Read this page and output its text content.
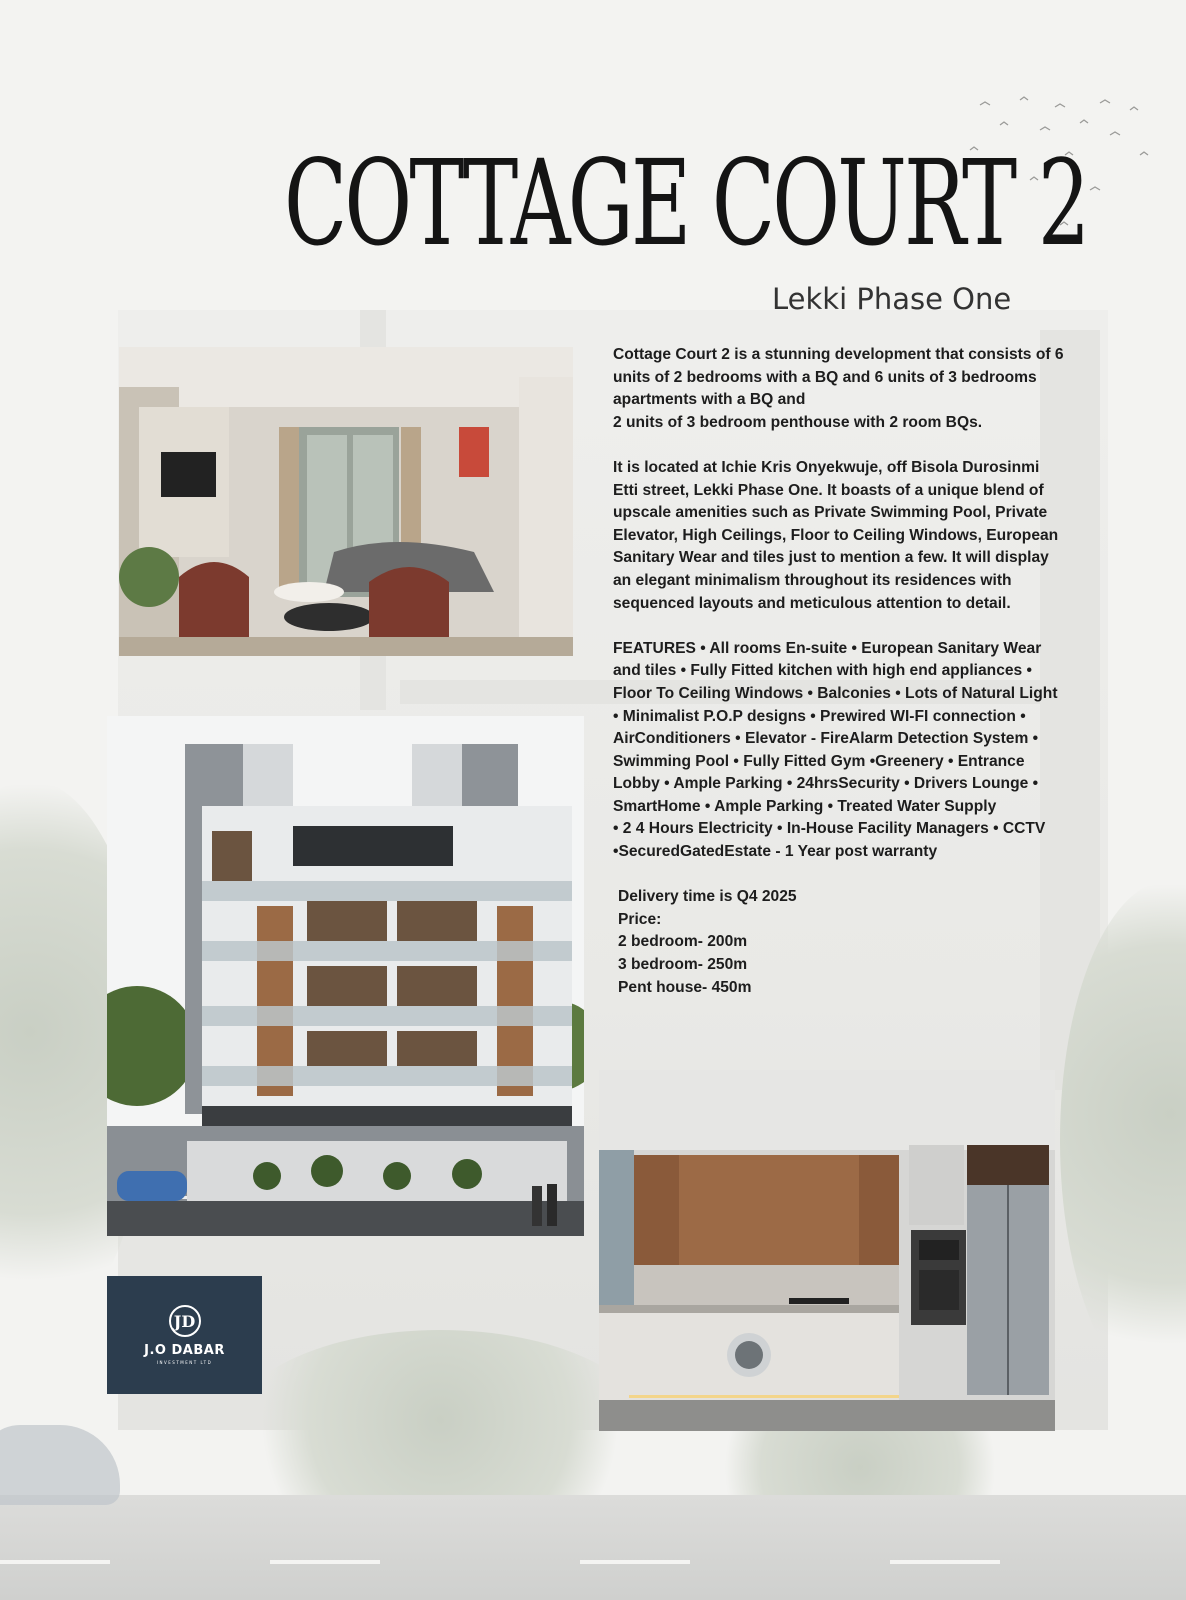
COTTAGE COURT 2
Lekki Phase One

Cottage Court 2 is a stunning development that consists of 6 units of 2 bedrooms with a BQ and 6 units of 3 bedrooms apartments with a BQ and
2 units of 3 bedroom penthouse with 2 room BQs.

It is located at Ichie Kris Onyekwuje, off Bisola Durosinmi Etti street, Lekki Phase One. It boasts of a unique blend of upscale amenities such as Private Swimming Pool, Private Elevator, High Ceilings, Floor to Ceiling Windows, European Sanitary Wear and tiles just to mention a few. It will display an elegant minimalism throughout its residences with sequenced layouts and meticulous attention to detail.

FEATURES • All rooms En-suite • European Sanitary Wear and tiles • Fully Fitted kitchen with high end appliances • Floor To Ceiling Windows • Balconies • Lots of Natural Light • Minimalist P.O.P designs • Prewired WI-FI connection • AirConditioners • Elevator - FireAlarm Detection System • Swimming Pool • Fully Fitted Gym •Greenery • Entrance Lobby • Ample Parking • 24hrsSecurity • Drivers Lounge • SmartHome • Ample Parking • Treated Water Supply
• 2 4 Hours Electricity • In-House Facility Managers • CCTV •SecuredGatedEstate - 1 Year post warranty

Delivery time is Q4 2025

Price:

2 bedroom- 200m

3 bedroom- 250m

Pent house- 450m

JD
J.O DABAR
INVESTMENT LTD
